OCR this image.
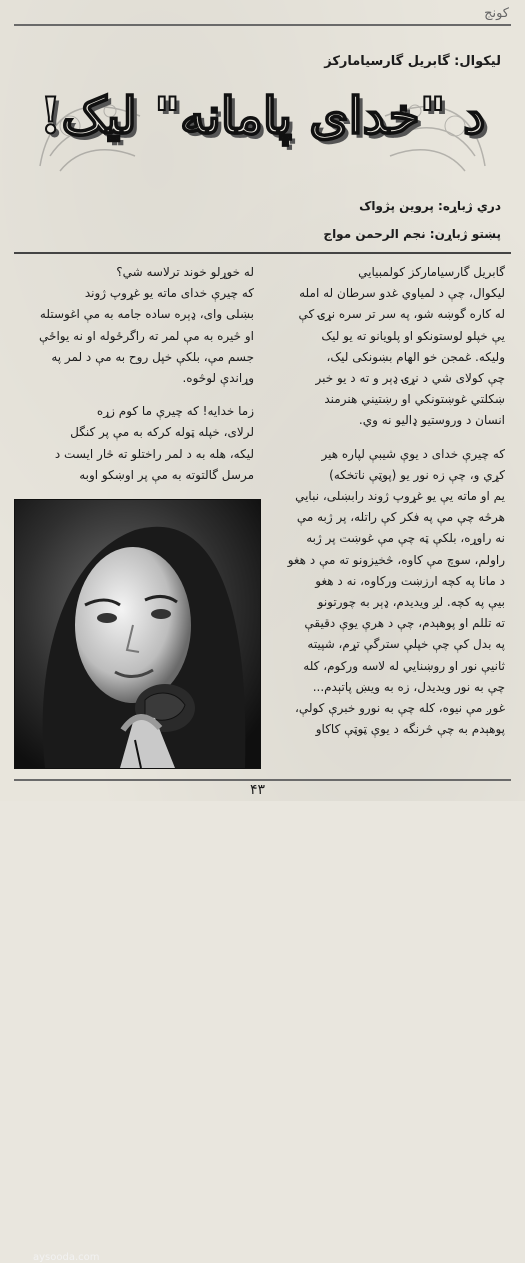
کونج
لیکوال: گابریل گارسیامارکز
د "خدای پامانه" لیک!
دري ژباړه: پروین پژواک
پښتو ژباړن: نجم الرحمن مواج

گابریل گارسیامارکز کولمبیایي

لیکوال، چې د لمیاوي غدو سرطان له امله

له کاره گوښه شو، په سر تر سره نړۍ کې

یې خپلو لوستونکو او پلویانو ته یو لیک

ولیکه. غمجن خو الهام بښونکی لیک،

چې کولای شي د نړۍ ډېر و ته د یو خبر

ښکلتي غوښتونکي او رښتیني هنرمند

انسان د وروستیو ډالیو نه وي.

که چیرې خدای د یوې شیبې لپاره هیر

کړي و، چې زه نور یو (پوټې ناتخکه)

یم او ماته یې یو غړوپ ژوند رابښلی، نبایي

هرڅه چې مې په فکر کې راتله، پر ژبه مې

نه راوړه، بلکې ټه چې مې غوښت پر ژبه

راولم، سوچ مې کاوه، څخیزونو ته مې د هغو

د مانا په کچه ارزښت ورکاوه، نه د هغو

بیې په کچه. لږ ویدیدم، ډېر به چورتونو

ته تللم او پوهېدم، چې د هرې یوې دقیقې

په بدل کې چې خپلې سترگې تړم، شپیته

ثانیې نور او روښنایي له لاسه ورکوم، کله

چې به نور ویدیدل، زه به ویښ پاتېدم...

غوږ مې نیوه، کله چې به نورو خبرې کولې،

پوهېدم به چې څرنگه د یوې ټوټې کاکاو

له خوړلو خوند ترلاسه شي؟

که چیرې خدای ماته یو غړوپ ژوند

بښلی وای، ډېره ساده جامه به مې اغوستله

او څیره به مې لمر ته راگرځوله او نه یواځې

جسم مې، بلکې خپل روح به مې د لمر په

وړاندې لوڅوه.

زما خدایه! که چیرې ما کوم زړه

لرلای، خپله ټوله کرکه به مې پر کنگل

لیکه، هله به د لمر راختلو ته څار ایست د

مرسل گالتوته به مې پر اوښکو اوبه

aysooda.com
۴۳
